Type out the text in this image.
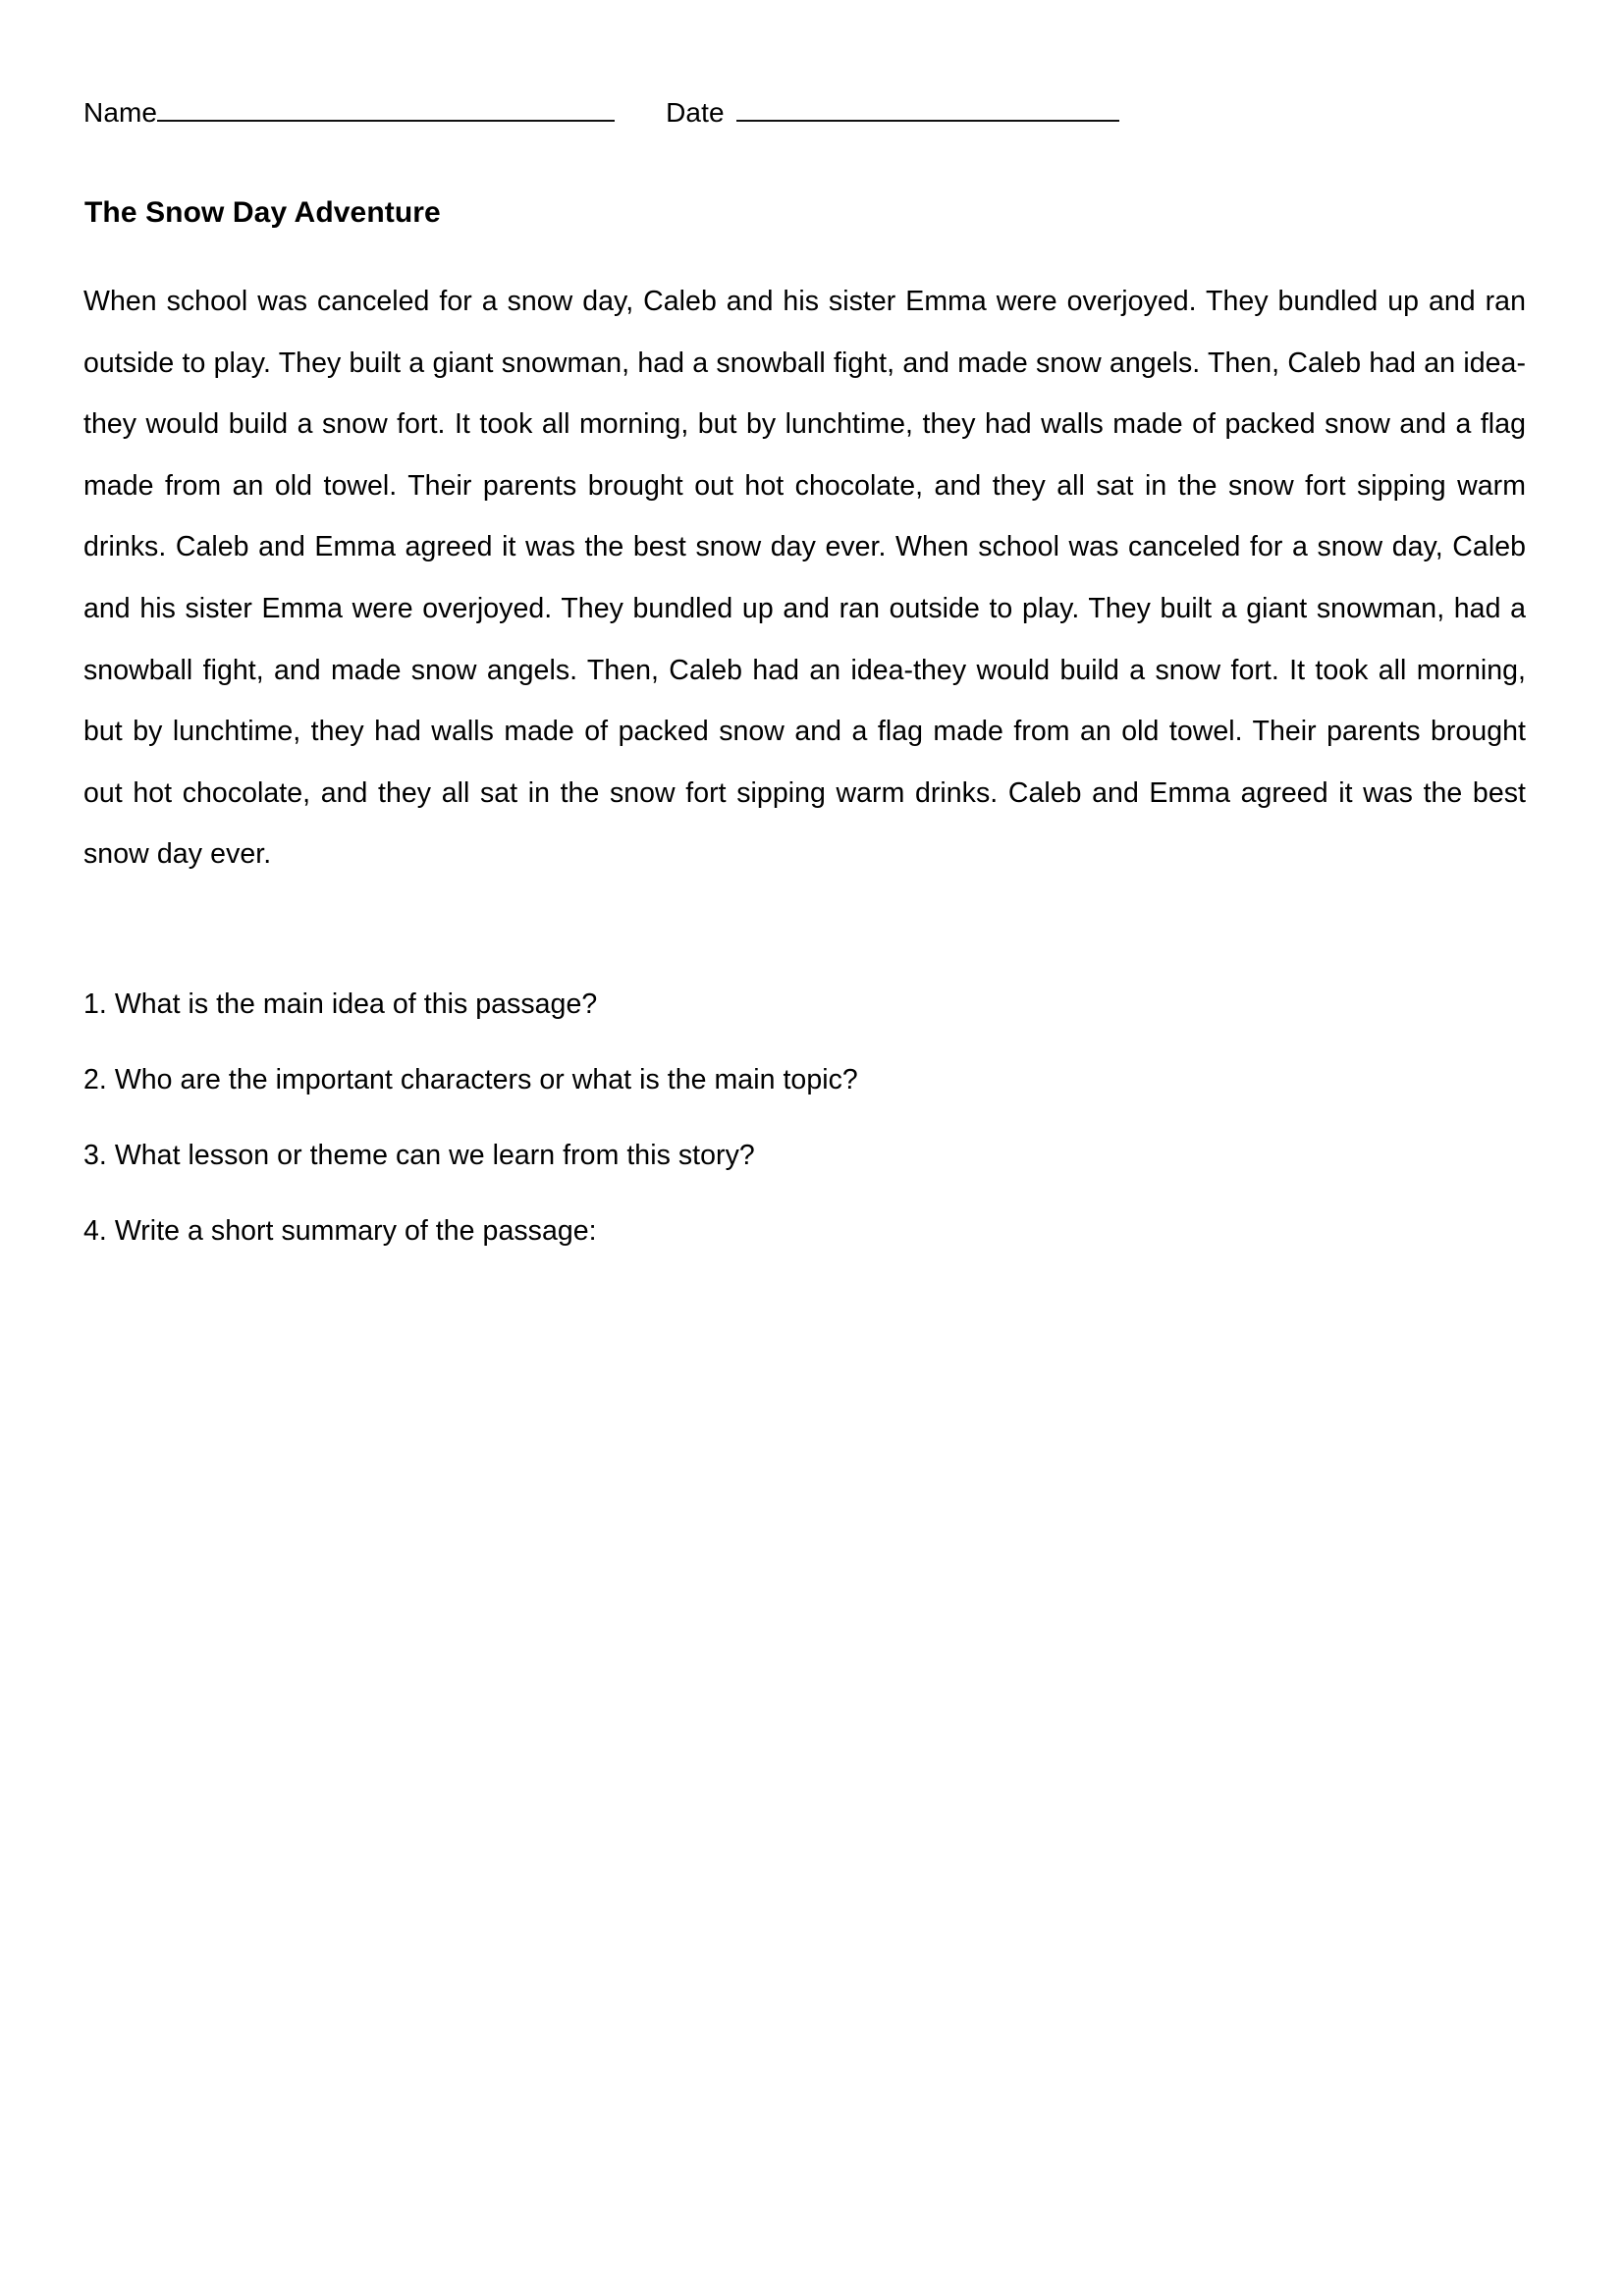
Name	Date
The Snow Day Adventure

When school was canceled for a snow day, Caleb and his sister Emma were overjoyed. They bundled up and ran outside to play. They built a giant snowman, had a snowball fight, and made snow angels. Then, Caleb had an idea-they would build a snow fort. It took all morning, but by lunchtime, they had walls made of packed snow and a flag made from an old towel. Their parents brought out hot chocolate, and they all sat in the snow fort sipping warm drinks. Caleb and Emma agreed it was the best snow day ever. When school was canceled for a snow day, Caleb and his sister Emma were overjoyed. They bundled up and ran outside to play. They built a giant snowman, had a snowball fight, and made snow angels. Then, Caleb had an idea-they would build a snow fort. It took all morning, but by lunchtime, they had walls made of packed snow and a flag made from an old towel. Their parents brought out hot chocolate, and they all sat in the snow fort sipping warm drinks. Caleb and Emma agreed it was the best snow day ever.

1. What is the main idea of this passage?

2. Who are the important characters or what is the main topic?

3. What lesson or theme can we learn from this story?

4. Write a short summary of the passage:
